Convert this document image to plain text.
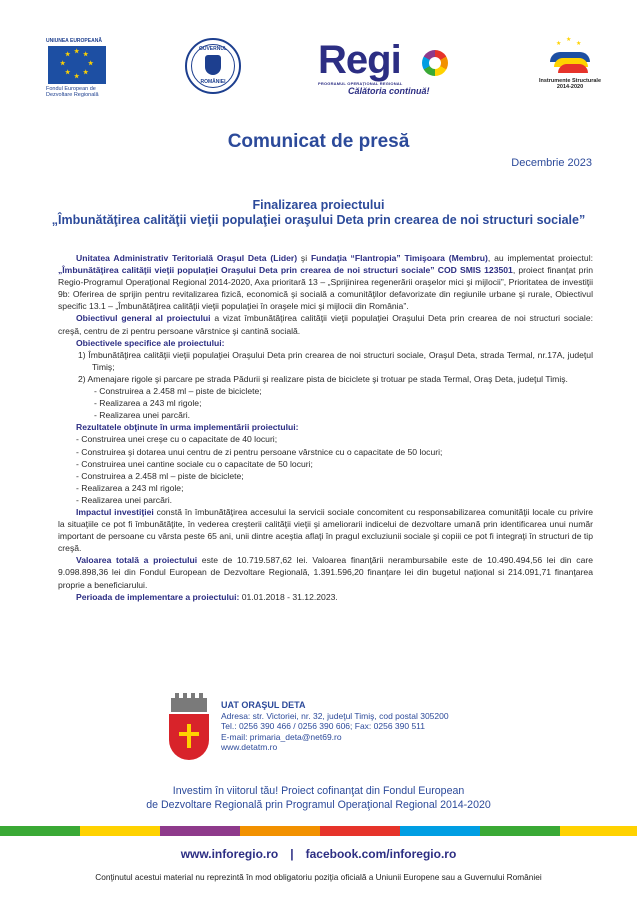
UNIUNEA EUROPEANĂ
★ ★
★
★
★
★
★
★
Fondul European de
Dezvoltare Regională
GUVERNUL
ROMÂNIEI	Regi
PROGRAMUL OPERAŢIONAL REGIONAL
Călătoria continuă!
★
★
★
Instrumente Structurale
2014-2020
Comunicat de presă
Decembrie 2023
Finalizarea proiectului
„Îmbunătăţirea calităţii vieţii populaţiei oraşului Deta prin crearea de noi structuri sociale”

Unitatea Administrativ Teritorială Oraşul Deta (Lider) şi Fundaţia “Flantropia” Timişoara (Membru), au implementat proiectul: „Îmbunătăţirea calităţii vieţii populaţiei Oraşului Deta prin crearea de noi structuri sociale” COD SMIS 123501, proiect finanţat prin Regio-Programul Operaţional Regional 2014-2020, Axa prioritară 13 – „Sprijinirea regenerării oraşelor mici şi mijlocii”, Prioritatea de investiţii 9b: Oferirea de sprijin pentru revitalizarea fizică, economică şi socială a comunităţilor defavorizate din regiunile urbane şi rurale, Obiectivul specific 13.1 – „Îmbunătăţirea calităţii vieţii populaţiei în oraşele mici şi mijlocii din România”.

Obiectivul general al proiectului a vizat îmbunătăţirea calităţii vieţii populaţiei Oraşului Deta prin crearea de noi structuri sociale: creşă, centru de zi pentru persoane vârstnice şi cantină socială.

Obiectivele specifice ale proiectului:

1) Îmbunătăţirea calităţii vieţii populaţiei Oraşului Deta prin crearea de noi structuri sociale, Oraşul Deta, strada Termal, nr.17A, judeţul Timiş;

2) Amenajare rigole şi parcare pe strada Pădurii şi realizare pista de biciclete şi trotuar pe stada Termal, Oraş Deta, judeţul Timiş.

- Construirea a 2.458 ml – piste de biciclete;

- Realizarea a 243 ml rigole;

- Realizarea unei parcări.

Rezultatele obţinute în urma implementării proiectului:

- Construirea unei creşe cu o capacitate de 40 locuri;

- Construirea şi dotarea unui centru de zi pentru persoane vârstnice cu o capacitate de 50 locuri;

- Construirea unei cantine sociale cu o capacitate de 50 locuri;

- Construirea a 2.458 ml – piste de biciclete;

- Realizarea a 243 ml rigole;

- Realizarea unei parcări.

Impactul investiţiei constă în îmbunătăţirea accesului la servicii sociale concomitent cu responsabilizarea comunităţii locale cu privire la situaţiile ce pot fi îmbunătăţite, în vederea creşterii calităţii vieţii şi ameliorarii indicelui de dezvoltare umană prin identificarea unui număr important de persoane cu vârsta peste 65 ani, unii dintre aceştia aflaţi în pragul excluziunii sociale şi copiii ce pot fi integraţi în structuri de tip creşă.

Valoarea totală a proiectului este de 10.719.587,62 lei. Valoarea finanţării nerambursabile este de 10.490.494,56 lei din care 9.098.898,36 lei din Fondul European de Dezvoltare Regională, 1.391.596,20 finanţare lei din bugetul naţional si 214.091,71 finanţarea proprie a beneficiarului.

Perioada de implementare a proiectului: 01.01.2018 - 31.12.2023.

UAT ORAŞUL DETA
Adresa: str. Victoriei, nr. 32, judeţul Timiş, cod postal 305200
Tel.: 0256 390 466 / 0256 390 606; Fax: 0256 390 511
E-mail: primaria_deta@net69.ro
www.detatm.ro
Investim în viitorul tău! Proiect cofinanţat din Fondul European
de Dezvoltare Regională prin Programul Operaţional Regional 2014-2020
www.inforegio.ro | facebook.com/inforegio.ro
Conţinutul acestui material nu reprezintă în mod obligatoriu poziţia oficială a Uniunii Europene sau a Guvernului României
